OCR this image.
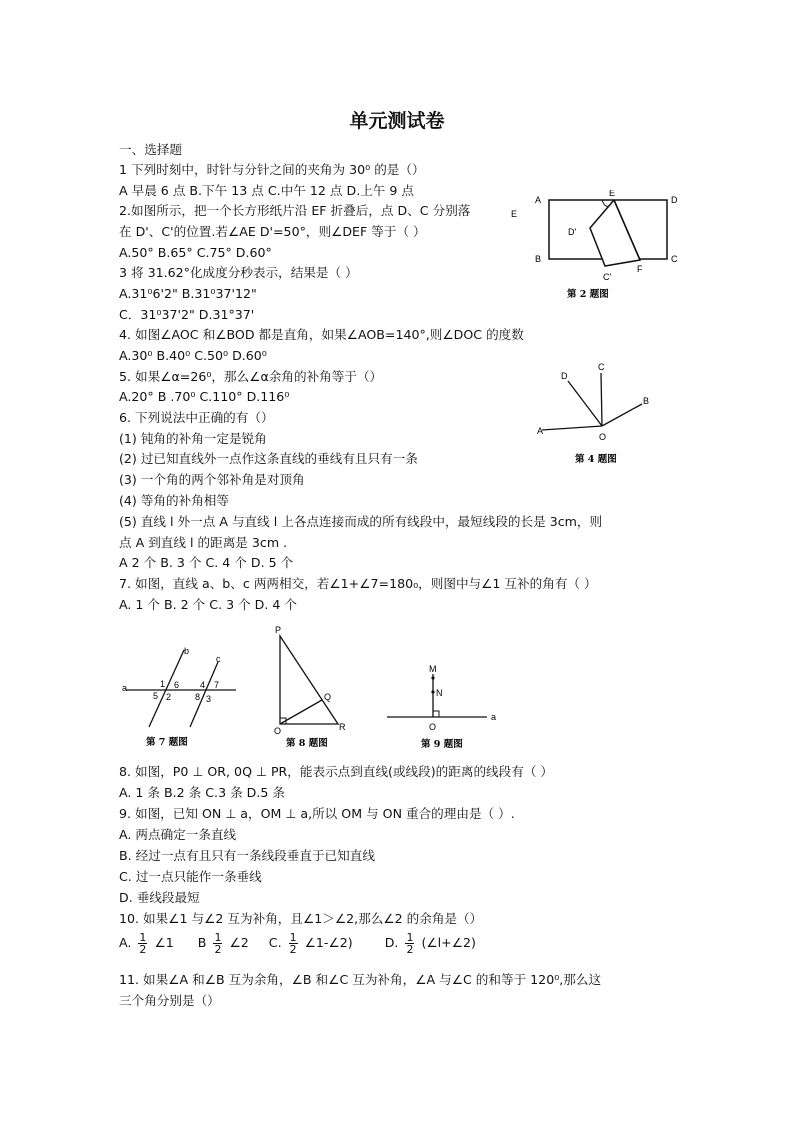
单元测试卷
一、选择题
1 下列时刻中，时针与分针之间的夹角为 30⁰ 的是（）
A 早晨 6 点 B.下午 13 点 C.中午 12 点 D.上午 9 点
2.如图所示，把一个长方形纸片沿 EF 折叠后，点 D、C 分别落
在 D'、C'的位置.若∠AE D'=50°，则∠DEF 等于（ ）
A.50° B.65° C.75° D.60°
3 将 31.62°化成度分秒表示，结果是（ ）
A.31⁰6'2" B.31⁰37'12"
C．31⁰37'2" D.31°37'
4. 如图∠AOC 和∠BOD 都是直角，如果∠AOB=140°,则∠DOC 的度数
A.30⁰ B.40⁰ C.50⁰ D.60⁰
5. 如果∠α=26⁰，那么∠α余角的补角等于（）
A.20° B .70⁰ C.110° D.116⁰
6. 下列说法中正确的有（）
(1) 钝角的补角一定是锐角
(2) 过已知直线外一点作这条直线的垂线有且只有一条
(3) 一个角的两个邻补角是对顶角
(4) 等角的补角相等
(5) 直线 l 外一点 A 与直线 l 上各点连接而成的所有线段中，最短线段的长是 3cm，则
点 A 到直线 l 的距离是 3cm .
A 2 个 B. 3 个 C. 4 个 D. 5 个
7. 如图，直线 a、b、c 两两相交，若∠1+∠7=180₀，则图中与∠1 互补的角有（ ）
A. 1 个 B. 2 个 C. 3 个 D. 4 个
8. 如图，P0 ⊥ OR, 0Q ⊥ PR，能表示点到直线(或线段)的距离的线段有（ ）
A. 1 条 B.2 条 C.3 条 D.5 条
9. 如图，已知 ON ⊥ a，OM ⊥ a,所以 OM 与 ON 重合的理由是（ ）.
A. 两点确定一条直线
B. 经过一点有且只有一条线段垂直于已知直线
C. 过一点只能作一条垂线
D. 垂线段最短
10. 如果∠1 与∠2 互为补角，且∠1＞∠2,那么∠2 的余角是（）
A. $\frac{1}{2}$ ∠1 B $\frac{1}{2}$ ∠2 C. $\frac{1}{2}$ ∠1-∠2)	D. $\frac{1}{2}$ (∠l+∠2)
11. 如果∠A 和∠B 互为余角，∠B 和∠C 互为补角，∠A 与∠C 的和等于 120⁰,那么这
三个角分别是（）
A
E
D
E
D'
B
C'
F
C
第 2 题图
D
C
B
A
O
第 4 题图
b
c
a	1 6 4 7
5 2	8 3
第 7 题图
P
Q
O	R
第 8 题图
M
N
O
a
第 9 题图
